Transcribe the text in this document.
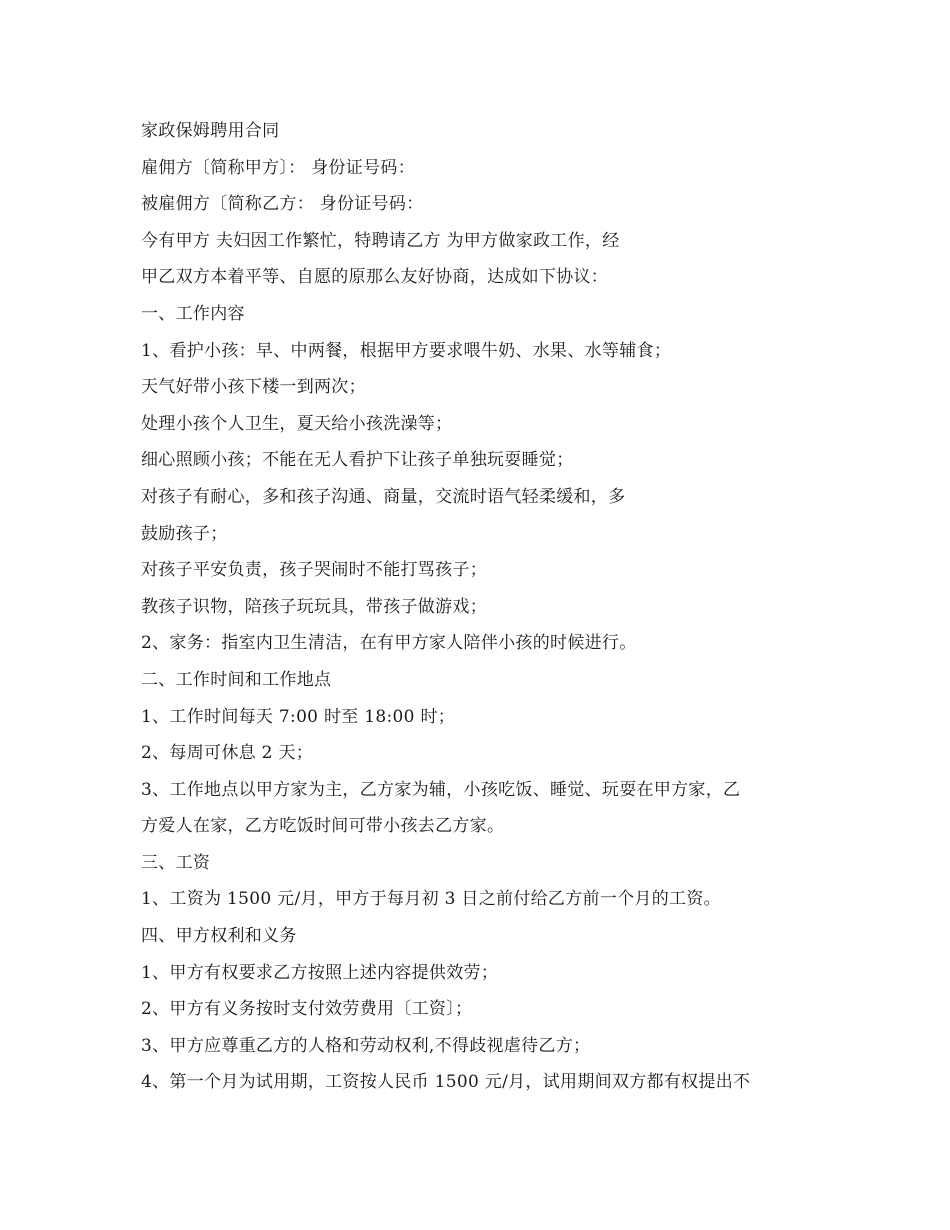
家政保姆聘用合同
雇佣方〔简称甲方〕： 身份证号码：
被雇佣方〔简称乙方： 身份证号码：
今有甲方 夫妇因工作繁忙，特聘请乙方 为甲方做家政工作，经
甲乙双方本着平等、自愿的原那么友好协商，达成如下协议：
一、工作内容
1、看护小孩：早、中两餐，根据甲方要求喂牛奶、水果、水等辅食；
天气好带小孩下楼一到两次；
处理小孩个人卫生，夏天给小孩洗澡等；
细心照顾小孩；不能在无人看护下让孩子单独玩耍睡觉；
对孩子有耐心，多和孩子沟通、商量，交流时语气轻柔缓和，多
鼓励孩子；
对孩子平安负责，孩子哭闹时不能打骂孩子；
教孩子识物，陪孩子玩玩具，带孩子做游戏；
2、家务：指室内卫生清洁，在有甲方家人陪伴小孩的时候进行。
二、工作时间和工作地点
1、工作时间每天 7:00 时至 18:00 时；
2、每周可休息 2 天；
3、工作地点以甲方家为主，乙方家为辅，小孩吃饭、睡觉、玩耍在甲方家，乙
方爱人在家，乙方吃饭时间可带小孩去乙方家。
三、工资
1、工资为 1500 元/月，甲方于每月初 3 日之前付给乙方前一个月的工资。
四、甲方权利和义务
1、甲方有权要求乙方按照上述内容提供效劳；
2、甲方有义务按时支付效劳费用〔工资〕；
3、甲方应尊重乙方的人格和劳动权利,不得歧视虐待乙方；
4、第一个月为试用期，工资按人民币 1500 元/月，试用期间双方都有权提出不
